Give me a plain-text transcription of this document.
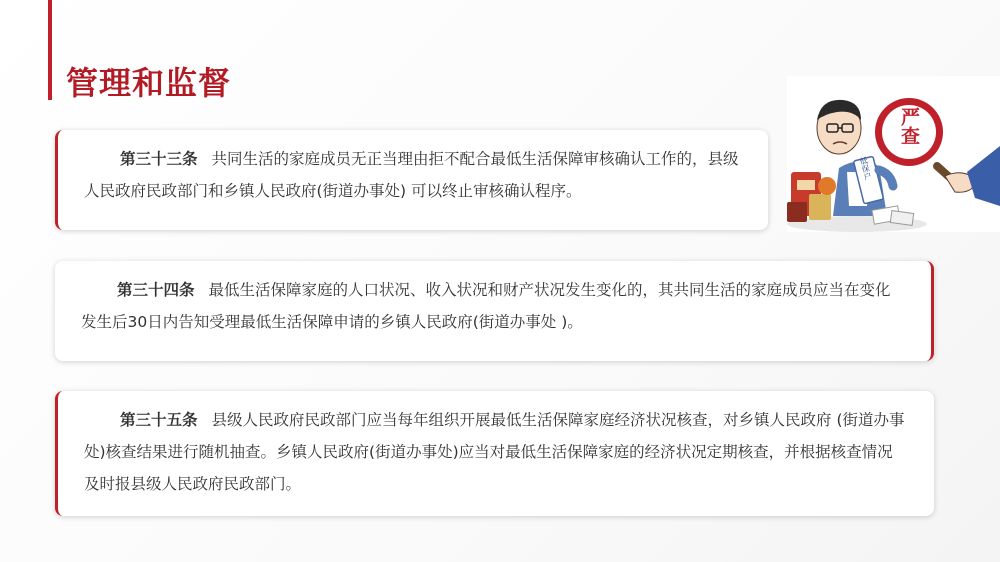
管理和监督
第三十三条 共同生活的家庭成员无正当理由拒不配合最低生活保障审核确认工作的，县级人民政府民政部门和乡镇人民政府(街道办事处) 可以终止审核确认程序。
第三十四条 最低生活保障家庭的人口状况、收入状况和财产状况发生变化的，其共同生活的家庭成员应当在变化发生后30日内告知受理最低生活保障申请的乡镇人民政府(街道办事处 )。
第三十五条 县级人民政府民政部门应当每年组织开展最低生活保障家庭经济状况核查，对乡镇人民政府 (街道办事处)核查结果进行随机抽查。乡镇人民政府(街道办事处)应当对最低生活保障家庭的经济状况定期核查，并根据核查情况及时报县级人民政府民政部门。
低保户
严查
